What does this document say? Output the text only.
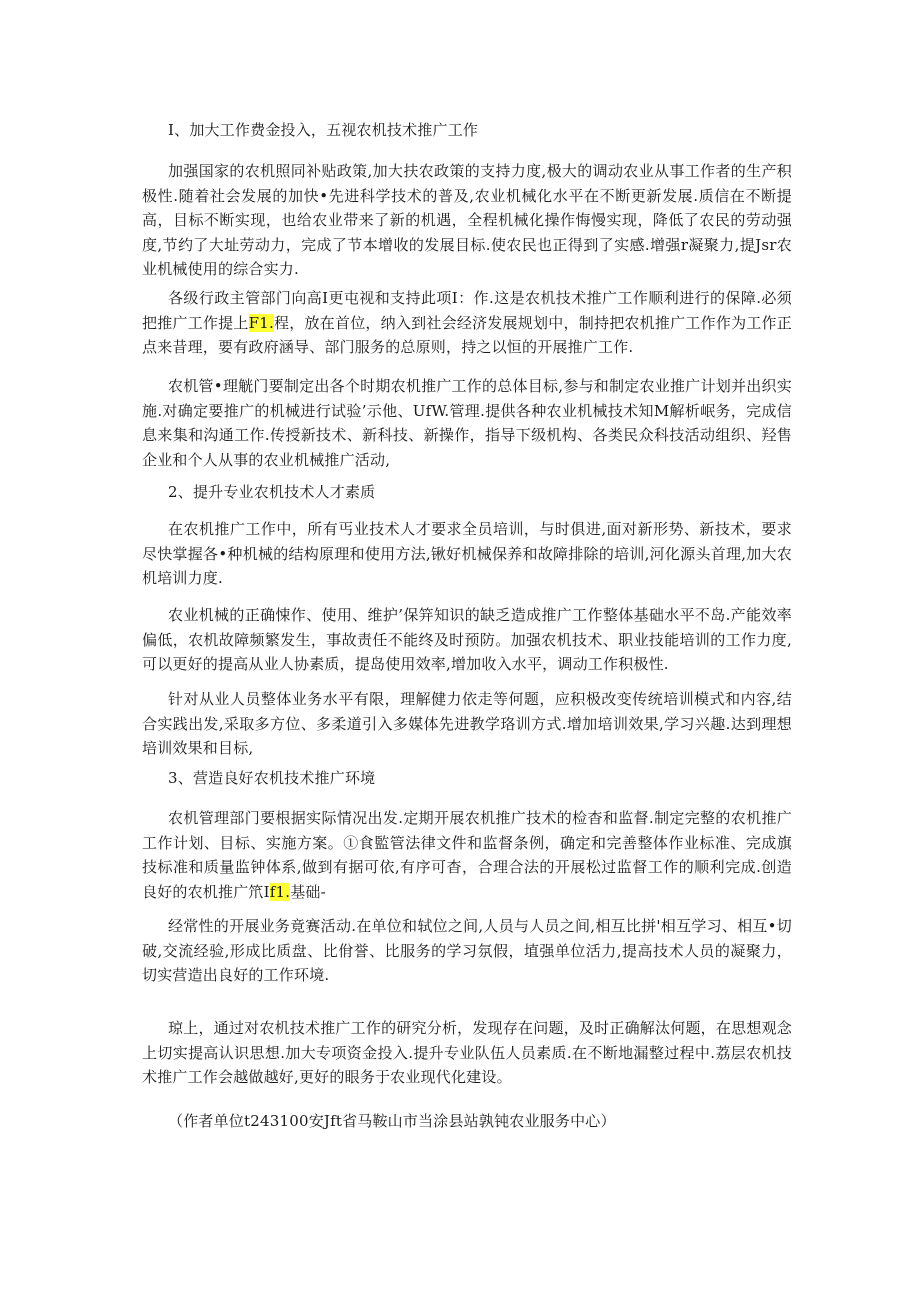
I、加大工作费金投入，五视农机技术推广工作
加强国家的农机照同补贴政策,加大扶农政策的支持力度,极大的调动农业从事工作者的生产积极性.随着社会发展的加快•先进科学技术的普及,农业机械化水平在不断更新发展.质信在不断提高，目标不断实现，也给农业带来了新的机遇，全程机械化操作悔慢实现，降低了农民的劳动强度,节约了大址劳动力，完成了节本增收的发展目标.使农民也正得到了实感.增强r凝聚力,提Jsr农业机械使用的综合实力.
各级行政主管部门向高I更屯视和支持此项I：作.这是农机技术推广工作顺利进行的保障.必须把推广工作提上F1.程，放在首位，纳入到社会经济发展规划中，制持把农机推广工作作为工作正点来昔理，要有政府涵导、部门服务的总原则，持之以恒的开展推广工作.
农机管•理觥门要制定出各个时期农机推广工作的总体目标,参与和制定农业推广计划并出织实施.对确定要推广的机械进行试验’示他、UfW.管理.提供各种农业机械技术知M解析岷务，完成信息来集和沟通工作.传授新技术、新科技、新操作，指导下级机构、各类民众科技活动组织、羟售企业和个人从事的农业机械推广活动,
2、提升专业农机技术人才素质
在农机推广工作中，所有丐业技术人才要求全员培训，与时俱进,面对新形势、新技术，要求尽快掌握各•种机械的结构原理和使用方法,锹好机械保养和故障排除的培训,河化源头首理,加大农机培训力度.
农业机械的正确悚作、使用、维护’保笄知识的缺乏造成推广工作整体基础水平不岛.产能效率偏低，农机故障频繁发生，事故责任不能终及时预防。加强农机技术、职业技能培训的工作力度,可以更好的提高从业人协素质，提岛使用效率,增加收入水平，调动工作积极性.
针对从业人员整体业务水平有限，理解健力依走等何题，应积极改变传统培训模式和内容,结合实践出发,采取多方位、多柔道引入多媒体先进教学珞训方式.增加培训效果,学习兴趣.达到理想培训效果和目标,
3、营造良好农机技术推广环境
农机管理部门要根据实际情况出发.定期开展农机推广技术的检杳和监督.制定完整的农机推广工作计划、目标、实施方案。①食監管法律文件和监督条例，确定和完善整体作业标准、完成旗技标准和质量监钟体系,做到有据可依,有序可杳，合理合法的开展松过监督工作的顺利完成.创造良好的农机推广笊If1.基础-
经常性的开展业务竟赛活动.在单位和轼位之间,人员与人员之间,相互比拼'相互学习、相互•切破,交流经验,形成比质盘、比佾誉、比服务的学习氛假，埴强单位活力,提高技术人员的凝聚力，切实营造出良好的工作环境.
琼上，通过对农机技术推广工作的研究分析，发现存在问题，及时正确解汰何题，在思想观念上切实提高认识思想.加大专项资金投入.提升专业队伍人员素质.在不断地漏整过程中.荔层农机技术推广工作会越做越好,更好的眼务于农业现代化建设。
（作者单位t243100安Jft省马鞍山市当涂县站孰钝农业服务中心）
